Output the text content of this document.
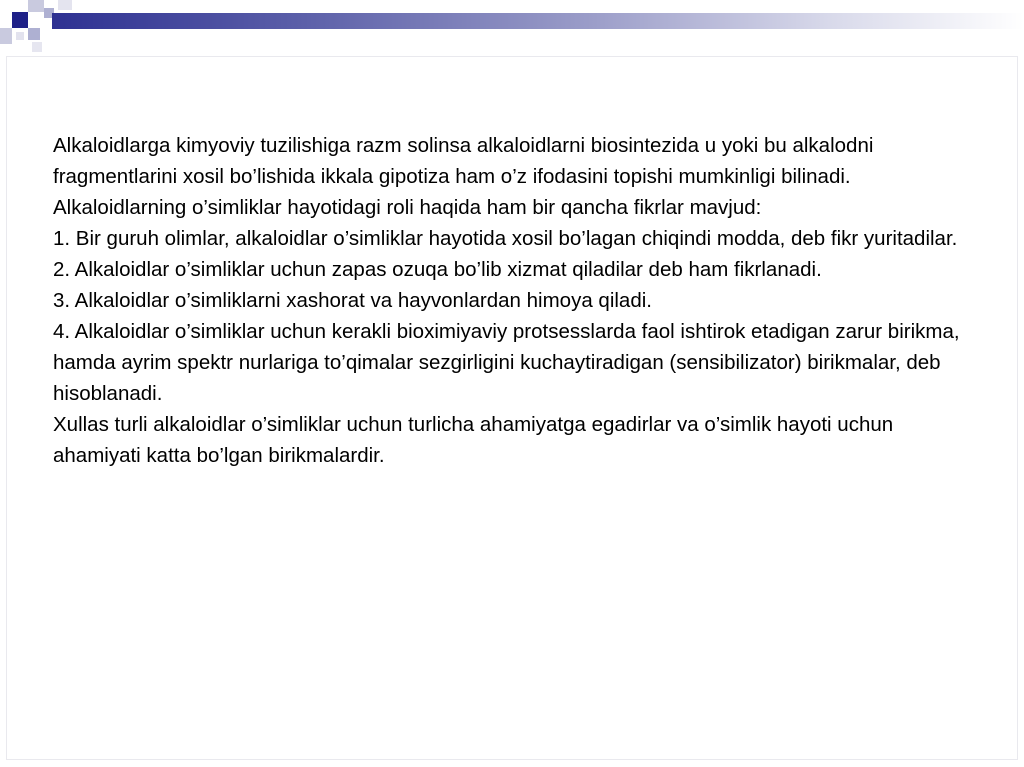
Alkaloidlarga kimyoviy tuzilishiga razm solinsa alkaloidlarni biosintezida u yoki bu alkalodni fragmentlarini xosil bo’lishida ikkala gipotiza ham o’z ifodasini topishi mumkinligi bilinadi. Alkaloidlarning o’simliklar hayotidagi roli haqida ham bir qancha fikrlar mavjud:

1. Bir guruh olimlar, alkaloidlar o’simliklar hayotida xosil bo’lagan chiqindi modda, deb fikr yuritadilar.

2. Alkaloidlar o’simliklar uchun zapas ozuqa bo’lib xizmat qiladilar deb ham fikrlanadi.

3. Alkaloidlar o’simliklarni xashorat va hayvonlardan himoya qiladi.

4. Alkaloidlar o’simliklar uchun kerakli bioximiyaviy protsesslarda faol ishtirok etadigan zarur birikma, hamda ayrim spektr nurlariga to’qimalar sezgirligini kuchaytiradigan (sensibilizator) birikmalar, deb hisoblanadi.

Xullas turli alkaloidlar o’simliklar uchun turlicha ahamiyatga egadirlar va o’simlik hayoti uchun ahamiyati katta bo’lgan birikmalardir.
